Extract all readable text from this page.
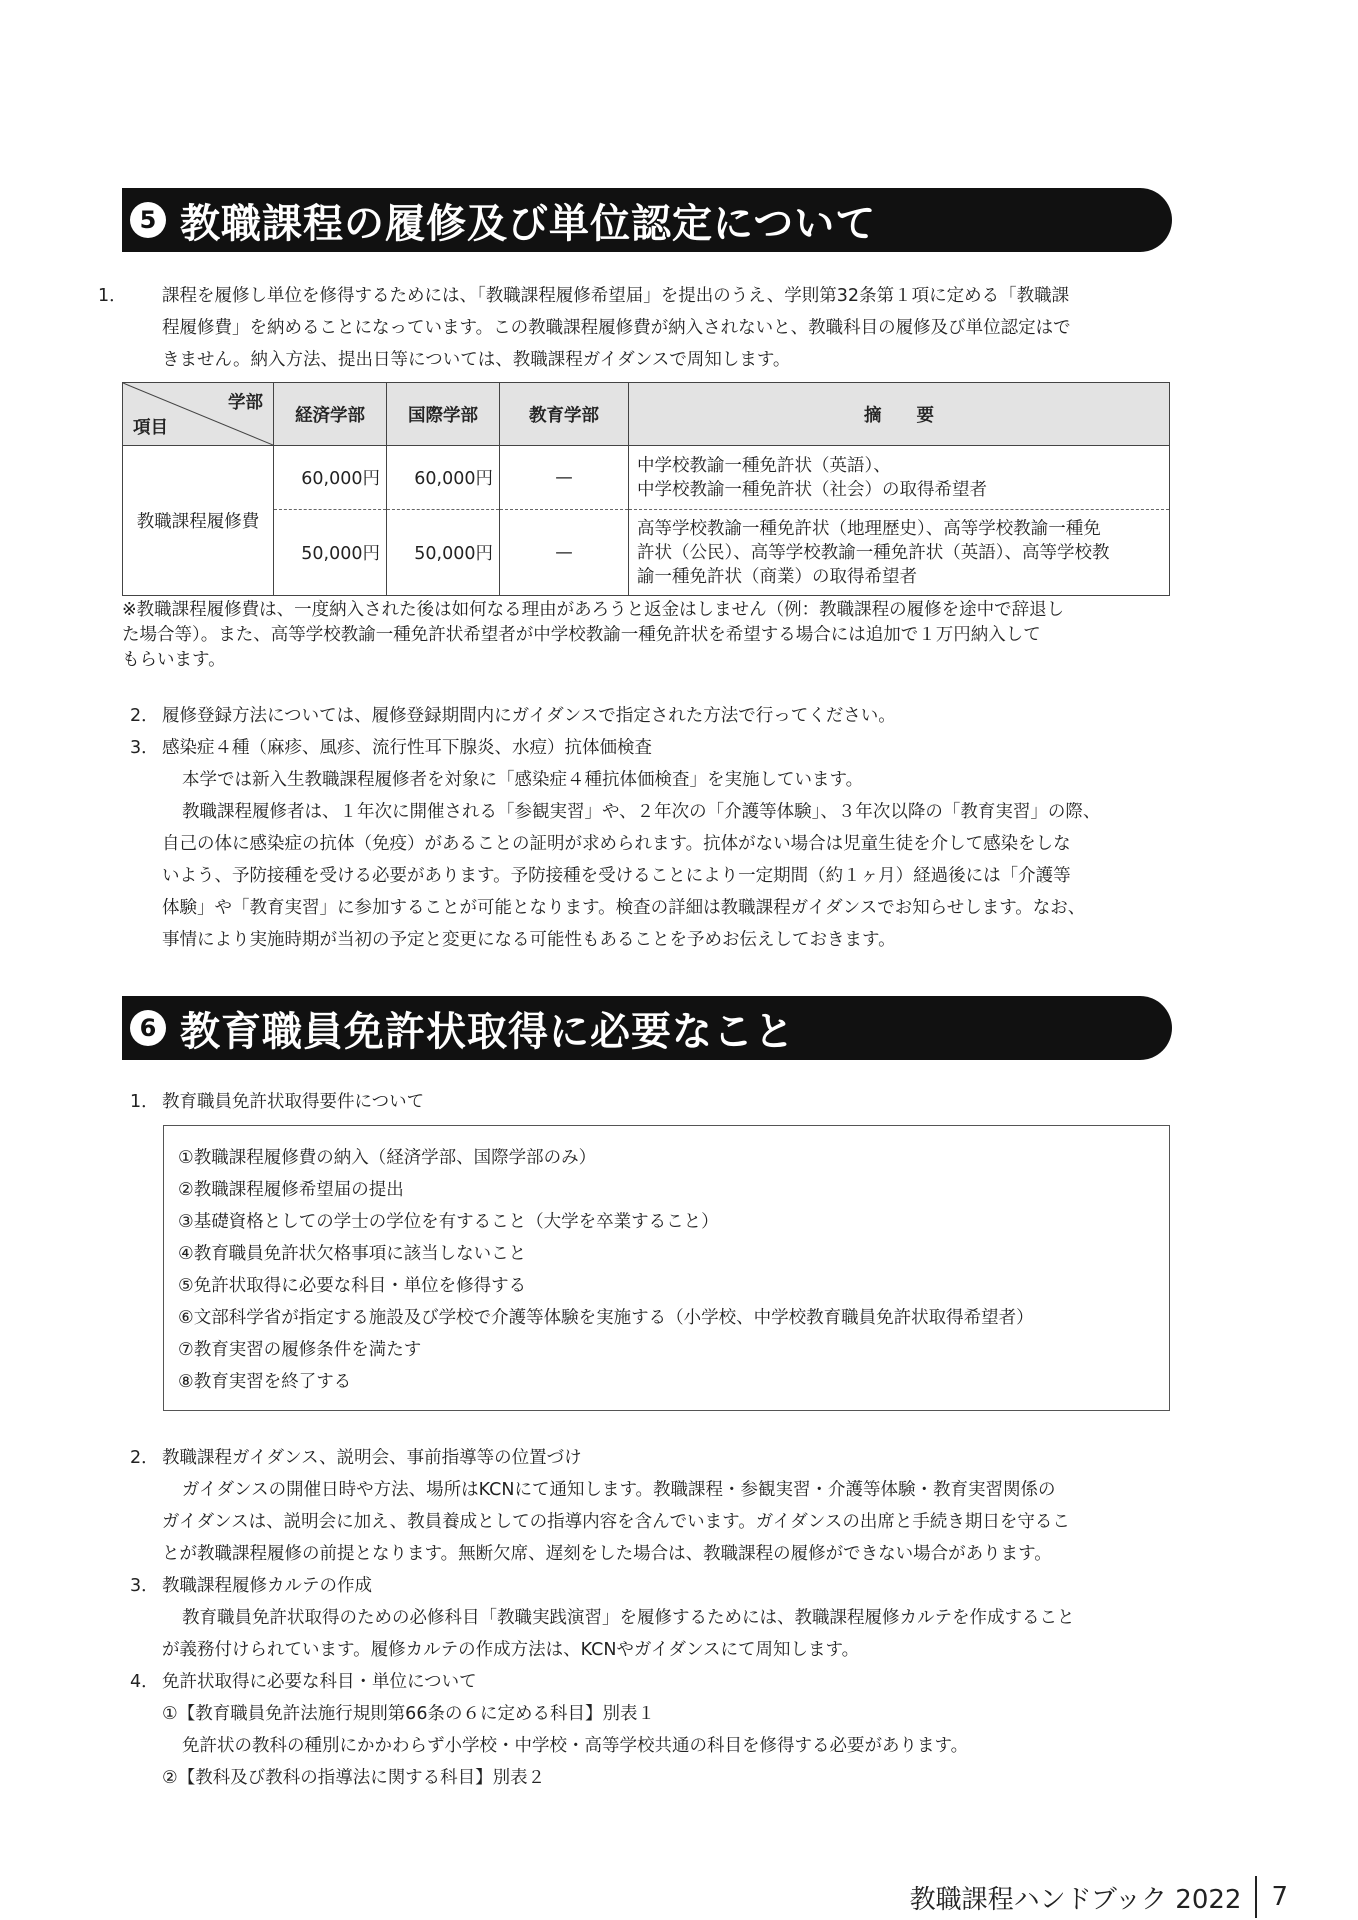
5 教職課程の履修及び単位認定について

1． 課程を履修し単位を修得するためには、「教職課程履修希望届」を提出のうえ、学則第32条第１項に定める「教職課

程履修費」を納めることになっています。この教職課程履修費が納入されないと、教職科目の履修及び単位認定はで

きません。納入方法、提出日等については、教職課程ガイダンスで周知します。

学部
項目	経済学部	国際学部	教育学部	摘　　要
教職課程履修費	60,000円	60,000円	—	中学校教諭一種免許状（英語）、
中学校教諭一種免許状（社会）の取得希望者

	50,000円	50,000円	—	高等学校教諭一種免許状（地理歴史）、高等学校教諭一種免
許状（公民）、高等学校教諭一種免許状（英語）、高等学校教
諭一種免許状（商業）の取得希望者
※教職課程履修費は、一度納入された後は如何なる理由があろうと返金はしません（例：教職課程の履修を途中で辞退し
た場合等）。また、高等学校教諭一種免許状希望者が中学校教諭一種免許状を希望する場合には追加で１万円納入して
もらいます。

2． 履修登録方法については、履修登録期間内にガイダンスで指定された方法で行ってください。

3． 感染症４種（麻疹、風疹、流行性耳下腺炎、水痘）抗体価検査

本学では新入生教職課程履修者を対象に「感染症４種抗体価検査」を実施しています。

教職課程履修者は、１年次に開催される「参観実習」や、２年次の「介護等体験」、３年次以降の「教育実習」の際、

自己の体に感染症の抗体（免疫）があることの証明が求められます。抗体がない場合は児童生徒を介して感染をしな

いよう、予防接種を受ける必要があります。予防接種を受けることにより一定期間（約１ヶ月）経過後には「介護等

体験」や「教育実習」に参加することが可能となります。検査の詳細は教職課程ガイダンスでお知らせします。なお、

事情により実施時期が当初の予定と変更になる可能性もあることを予めお伝えしておきます。

6 教育職員免許状取得に必要なこと

1． 教育職員免許状取得要件について

①教職課程履修費の納入（経済学部、国際学部のみ）
②教職課程履修希望届の提出
③基礎資格としての学士の学位を有すること（大学を卒業すること）
④教育職員免許状欠格事項に該当しないこと
⑤免許状取得に必要な科目・単位を修得する
⑥文部科学省が指定する施設及び学校で介護等体験を実施する（小学校、中学校教育職員免許状取得希望者）
⑦教育実習の履修条件を満たす
⑧教育実習を終了する

2． 教職課程ガイダンス、説明会、事前指導等の位置づけ

ガイダンスの開催日時や方法、場所はKCNにて通知します。教職課程・参観実習・介護等体験・教育実習関係の

ガイダンスは、説明会に加え、教員養成としての指導内容を含んでいます。ガイダンスの出席と手続き期日を守るこ

とが教職課程履修の前提となります。無断欠席、遅刻をした場合は、教職課程の履修ができない場合があります。

3． 教職課程履修カルテの作成

教育職員免許状取得のための必修科目「教職実践演習」を履修するためには、教職課程履修カルテを作成すること

が義務付けられています。履修カルテの作成方法は、KCNやガイダンスにて周知します。

4． 免許状取得に必要な科目・単位について

①【教育職員免許法施行規則第66条の６に定める科目】別表１

免許状の教科の種別にかかわらず小学校・中学校・高等学校共通の科目を修得する必要があります。

②【教科及び教科の指導法に関する科目】別表２

教職課程ハンドブック 2022 7
